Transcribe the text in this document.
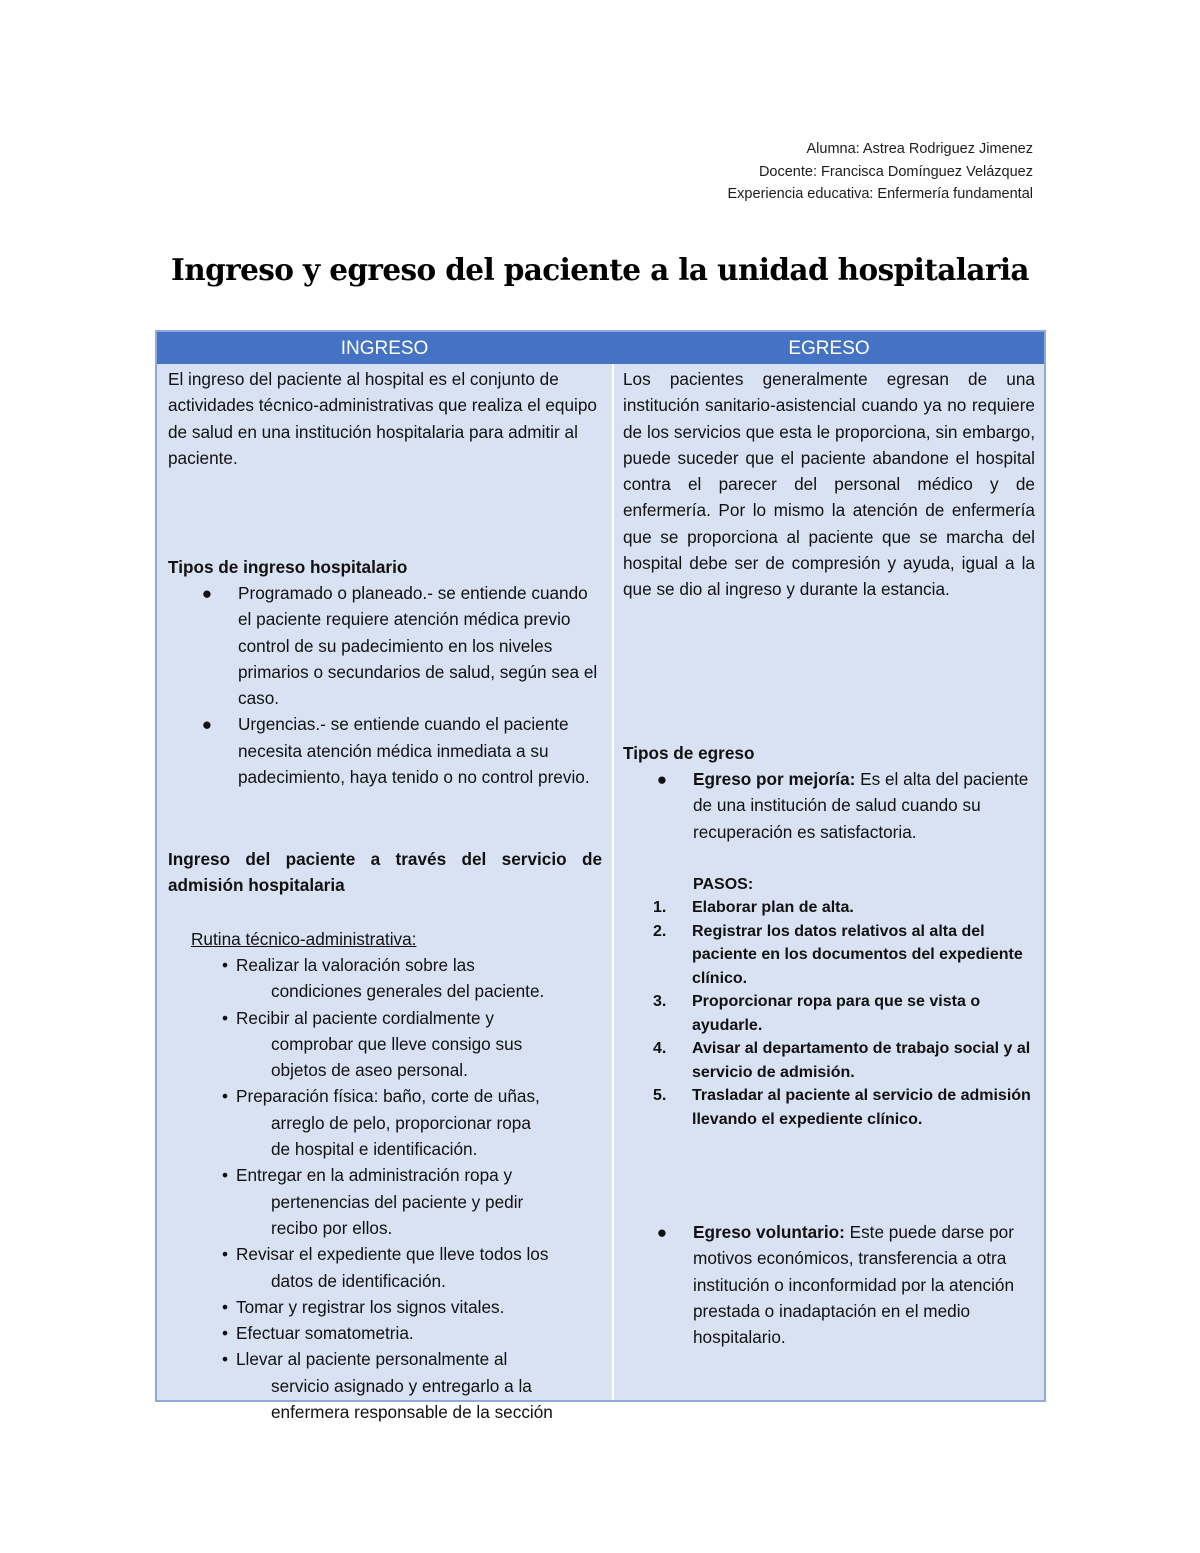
Alumna: Astrea Rodriguez Jimenez
Docente: Francisca Domínguez Velázquez
Experiencia educativa: Enfermería fundamental
Ingreso y egreso del paciente a la unidad hospitalaria
INGRESO	EGRESO

El ingreso del paciente al hospital es el conjunto de actividades técnico-administrativas que realiza el equipo de salud en una institución hospitalaria para admitir al paciente.

Tipos de ingreso hospitalario

● Programado o planeado.- se entiende cuando el paciente requiere atención médica previo control de su padecimiento en los niveles primarios o secundarios de salud, según sea el caso.
● Urgencias.- se entiende cuando el paciente necesita atención médica inmediata a su padecimiento, haya tenido o no control previo.

Ingreso del paciente a través del servicio de admisión hospitalaria

Rutina técnico-administrativa:

• Realizar la valoración sobre las
condiciones generales del paciente.
• Recibir al paciente cordialmente y
comprobar que lleve consigo sus
objetos de aseo personal.
• Preparación física: baño, corte de uñas,
arreglo de pelo, proporcionar ropa
de hospital e identificación.
• Entregar en la administración ropa y
pertenencias del paciente y pedir
recibo por ellos.
• Revisar el expediente que lleve todos los
datos de identificación.
• Tomar y registrar los signos vitales.
• Efectuar somatometria.
• Llevar al paciente personalmente al
servicio asignado y entregarlo a la
enfermera responsable de la sección

Los pacientes generalmente egresan de una institución sanitario-asistencial cuando ya no requiere de los servicios que esta le proporciona, sin embargo, puede suceder que el paciente abandone el hospital contra el parecer del personal médico y de enfermería. Por lo mismo la atención de enfermería que se proporciona al paciente que se marcha del hospital debe ser de compresión y ayuda, igual a la que se dio al ingreso y durante la estancia.

Tipos de egreso

● Egreso por mejoría: Es el alta del paciente de una institución de salud cuando su recuperación es satisfactoria.

PASOS:

1. Elaborar plan de alta.
2. Registrar los datos relativos al alta del paciente en los documentos del expediente clínico.
3. Proporcionar ropa para que se vista o ayudarle.
4. Avisar al departamento de trabajo social y al servicio de admisión.
5. Trasladar al paciente al servicio de admisión llevando el expediente clínico.
● Egreso voluntario: Este puede darse por motivos económicos, transferencia a otra institución o inconformidad por la atención prestada o inadaptación en el medio hospitalario.
